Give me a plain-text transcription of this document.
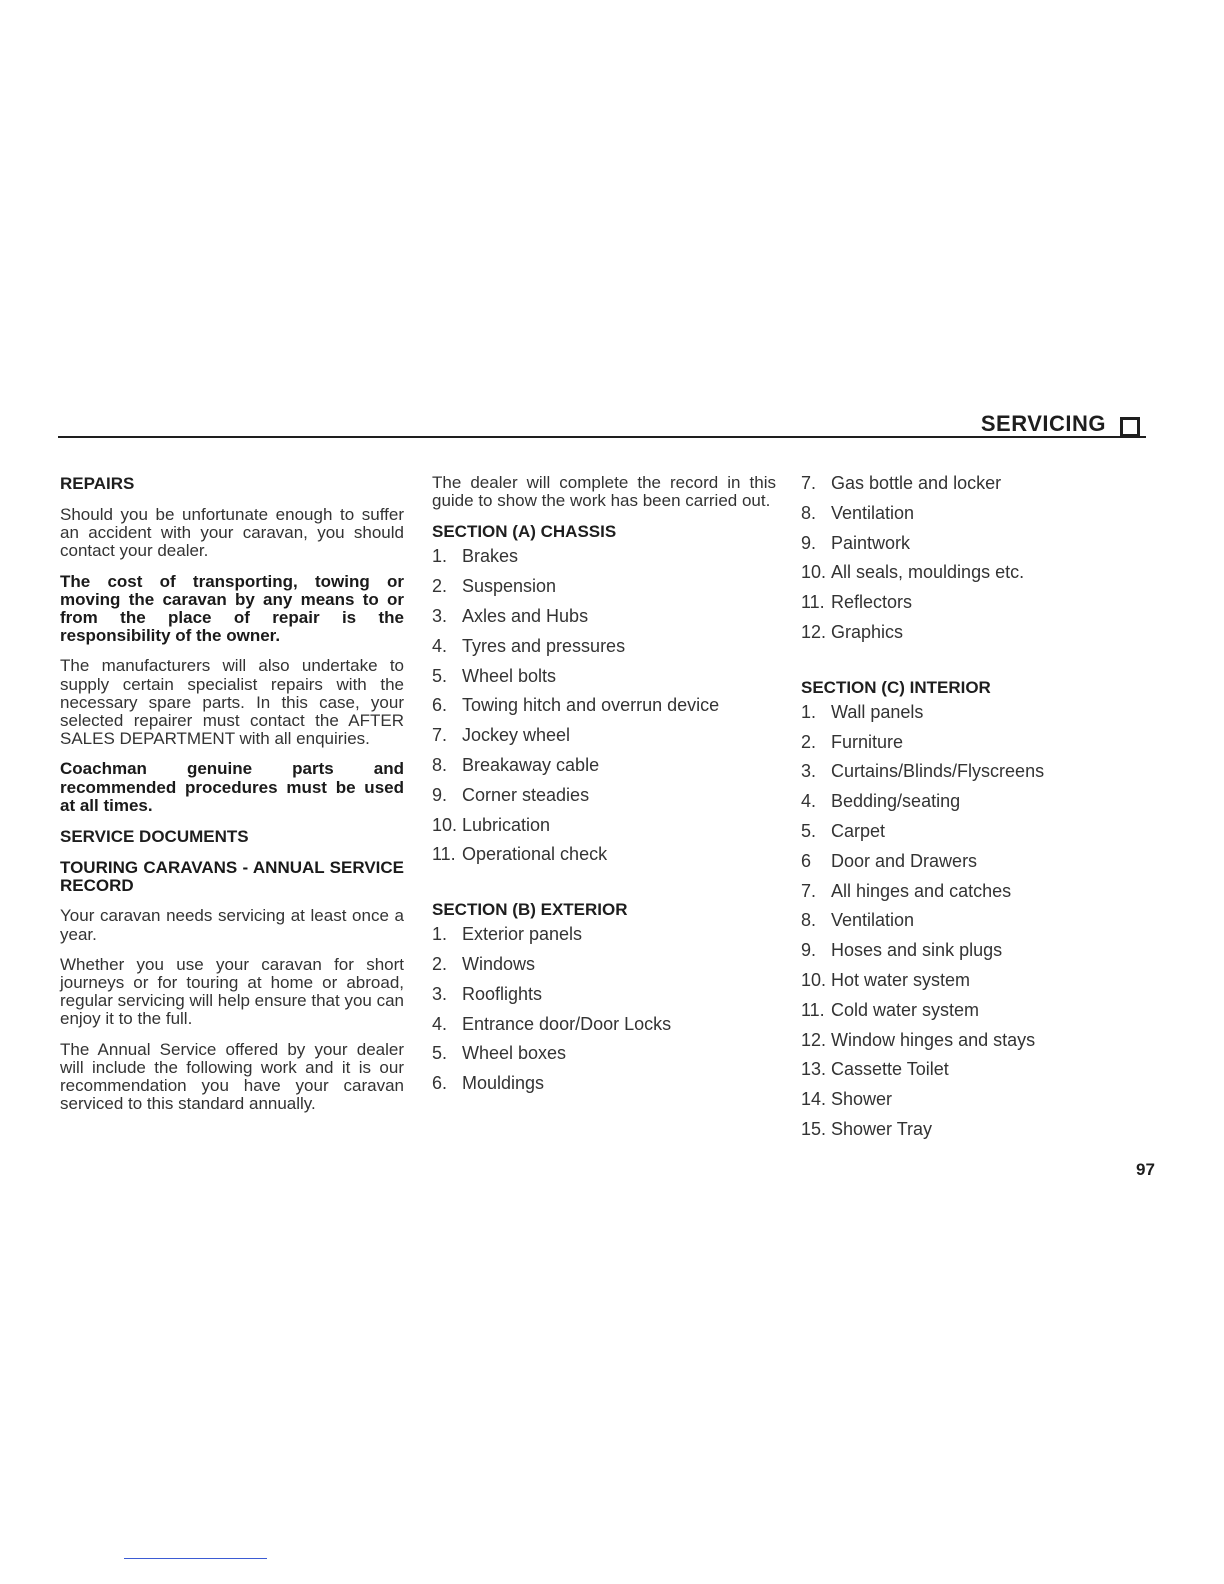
SERVICING

REPAIRS

Should you be unfortunate enough to suffer an accident with your caravan, you should contact your dealer.

The cost of transporting, towing or moving the caravan by any means to or from the place of repair is the responsibility of the owner.

The manufacturers will also undertake to supply certain specialist repairs with the necessary spare parts. In this case, your selected repairer must contact the AFTER SALES DEPARTMENT with all enquiries.

Coachman genuine parts and recommended procedures must be used at all times.

SERVICE DOCUMENTS

TOURING CARAVANS - ANNUAL SERVICE RECORD

Your caravan needs servicing at least once a year.

Whether you use your caravan for short journeys or for touring at home or abroad, regular servicing will help ensure that you can enjoy it to the full.

The Annual Service offered by your dealer will include the following work and it is our recommendation you have your caravan serviced to this standard annually.

The dealer will complete the record in this guide to show the work has been carried out.

SECTION (A) CHASSIS

1. Brakes
2. Suspension
3. Axles and Hubs
4. Tyres and pressures
5. Wheel bolts
6. Towing hitch and overrun device
7. Jockey wheel
8. Breakaway cable
9. Corner steadies
10. Lubrication
11. Operational check

SECTION (B) EXTERIOR

1. Exterior panels
2. Windows
3. Rooflights
4. Entrance door/Door Locks
5. Wheel boxes
6. Mouldings
7. Gas bottle and locker
8. Ventilation
9. Paintwork
10. All seals, mouldings etc.
11. Reflectors
12. Graphics

SECTION (C) INTERIOR

1. Wall panels
2. Furniture
3. Curtains/Blinds/Flyscreens
4. Bedding/seating
5. Carpet
6 Door and Drawers
7. All hinges and catches
8. Ventilation
9. Hoses and sink plugs
10. Hot water system
11. Cold water system
12. Window hinges and stays
13. Cassette Toilet
14. Shower
15. Shower Tray
97
